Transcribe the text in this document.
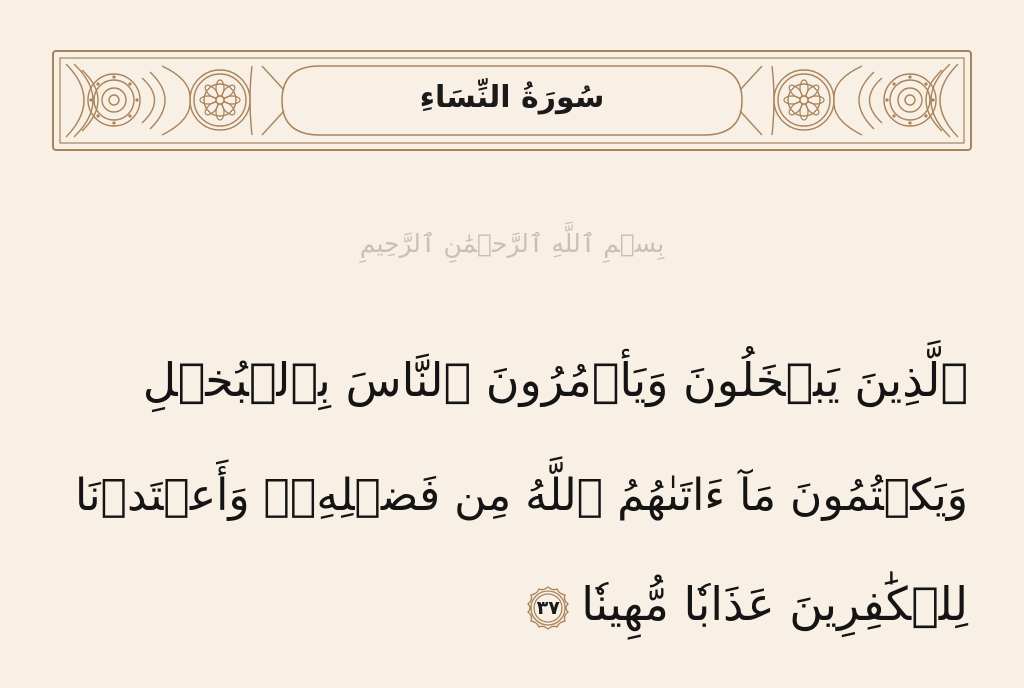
سُورَةُ النِّسَاءِ
بِسۡمِ ٱللَّهِ ٱلرَّحۡمَٰنِ ٱلرَّحِيمِ
ٱلَّذِينَ يَبۡخَلُونَ وَيَأۡمُرُونَ ٱلنَّاسَ بِٱلۡبُخۡلِ
وَيَكۡتُمُونَ مَآ ءَاتَىٰهُمُ ٱللَّهُ مِن فَضۡلِهِۦۗ وَأَعۡتَدۡنَا
لِلۡكَٰفِرِينَ عَذَابٗا مُّهِينٗا
٣٧
